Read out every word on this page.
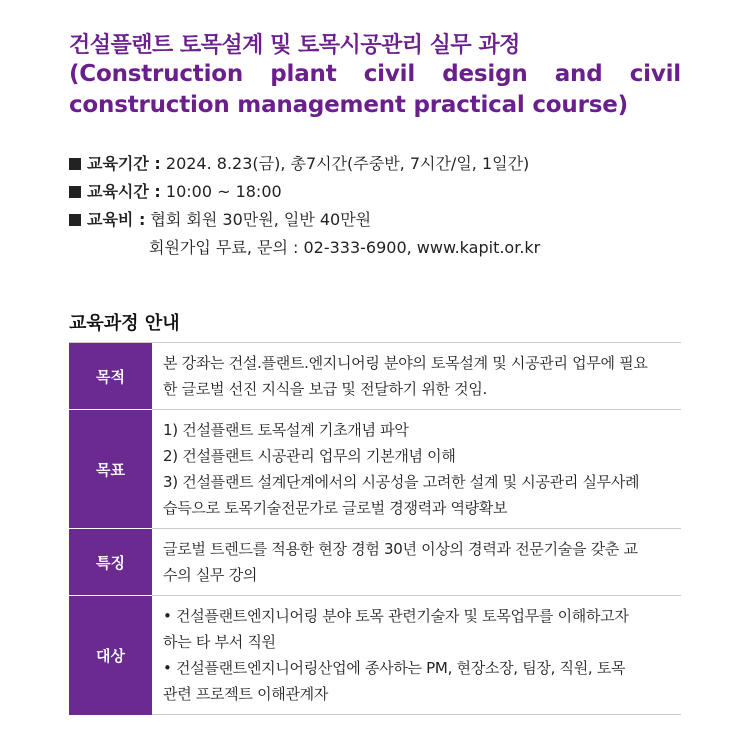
건설플랜트 토목설계 및 토목시공관리 실무 과정
(Construction plant civil design and civil construction management practical course)
교육기간 : 2024. 8.23(금), 총7시간(주중반, 7시간/일, 1일간)
교육시간 : 10:00 ~ 18:00
교육비 : 협회 회원 30만원, 일반 40만원
회원가입 무료, 문의 : 02-333-6900, www.kapit.or.kr
교육과정 안내
목적	본 강좌는 건설.플랜트.엔지니어링 분야의 토목설계 및 시공관리 업무에 필요
한 글로벌 선진 지식을 보급 및 전달하기 위한 것임.

목표	1) 건설플랜트 토목설계 기초개념 파악
2) 건설플랜트 시공관리 업무의 기본개념 이해
3) 건설플랜트 설계단계에서의 시공성을 고려한 설계 및 시공관리 실무사례
습득으로 토목기술전문가로 글로벌 경쟁력과 역량확보

특징	글로벌 트렌드를 적용한 현장 경험 30년 이상의 경력과 전문기술을 갖춘 교
수의 실무 강의

대상	• 건설플랜트엔지니어링 분야 토목 관련기술자 및 토목업무를 이해하고자
하는 타 부서 직원
• 건설플랜트엔지니어링산업에 종사하는 PM, 현장소장, 팀장, 직원, 토목
관련 프로젝트 이해관계자
